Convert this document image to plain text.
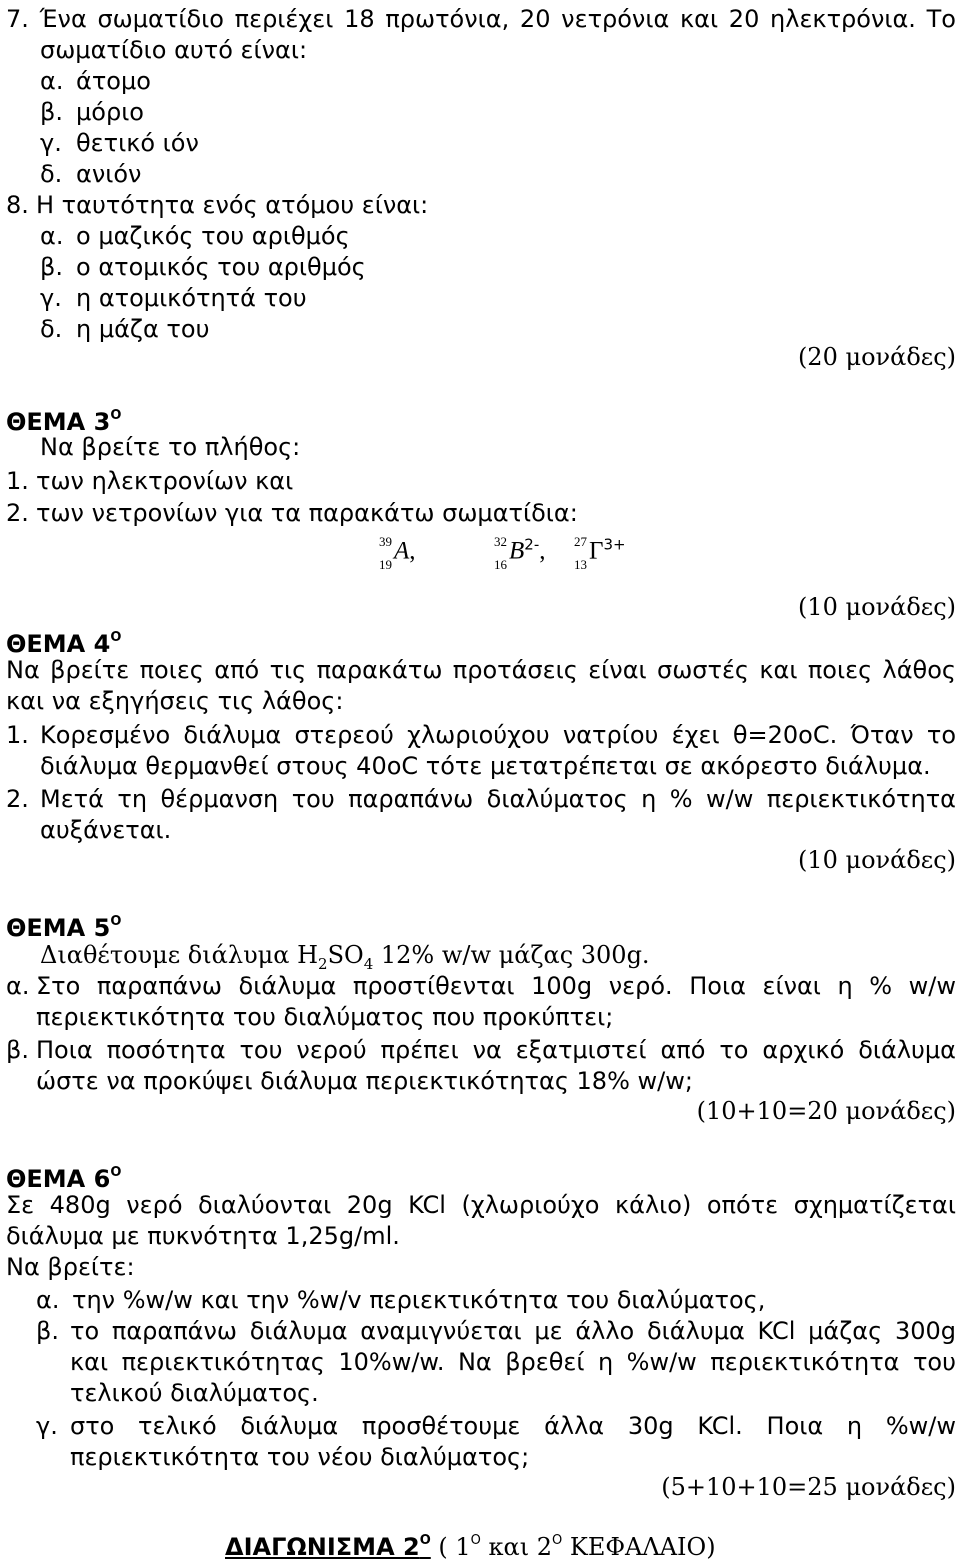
7. Ένα σωματίδιο περιέχει 18 πρωτόνια, 20 νετρόνια και 20 ηλεκτρόνια. Το
σωματίδιο αυτό είναι:
α. άτομο
β. μόριο
γ. θετικό ιόν
δ. ανιόν
8. Η ταυτότητα ενός ατόμου είναι:
α. ο μαζικός του αριθμός
β. ο ατομικός του αριθμός
γ. η ατομικότητά του
δ. η μάζα του
(20 μονάδες)
ΘΕΜΑ $3^O$
Να βρείτε το πλήθος:
1. των ηλεκτρονίων και
2. των νετρονίων για τα παρακάτω σωματίδια:
39
19 A,	32
16 $B^{2-}$, 27
13 $\Gamma^{3+}$
(10 μονάδες)
ΘΕΜΑ $4^O$
Να βρείτε ποιες από τις παρακάτω προτάσεις είναι σωστές και ποιες λάθος
και να εξηγήσεις τις λάθος:
1. Κορεσμένο διάλυμα στερεού χλωριούχου νατρίου έχει θ=20οC. Όταν το
διάλυμα θερμανθεί στους 40οC τότε μετατρέπεται σε ακόρεστο διάλυμα.
2. Μετά τη θέρμανση του παραπάνω διαλύματος η % w/w περιεκτικότητα
αυξάνεται.
(10 μονάδες)
ΘΕΜΑ $5^O$
Διαθέτουμε διάλυμα $H_2SO_4$ 12% w/w μάζας 300g.
α. Στο παραπάνω διάλυμα προστίθενται 100g νερό. Ποια είναι η % w/w
περιεκτικότητα του διαλύματος που προκύπτει;
β. Ποια ποσότητα του νερού πρέπει να εξατμιστεί από το αρχικό διάλυμα
ώστε να προκύψει διάλυμα περιεκτικότητας 18% w/w;
(10+10=20 μονάδες)
ΘΕΜΑ $6^O$
Σε 480g νερό διαλύονται 20g KCl (χλωριούχο κάλιο) οπότε σχηματίζεται
διάλυμα με πυκνότητα 1,25g/ml.
Να βρείτε:
α. την %w/w και την %w/v περιεκτικότητα του διαλύματος,
β. το παραπάνω διάλυμα αναμιγνύεται με άλλο διάλυμα KCl μάζας 300g
και περιεκτικότητας 10%w/w. Να βρεθεί η %w/w περιεκτικότητα του
τελικού διαλύματος.
γ. στο τελικό διάλυμα προσθέτουμε άλλα 30g KCl. Ποια η %w/w
περιεκτικότητα του νέου διαλύματος;
(5+10+10=25 μονάδες)
ΔΙΑΓΩΝΙΣΜΑ $2^O$ ( $1^O$ και $2^O$ ΚΕΦΑΛΑΙΟ)
